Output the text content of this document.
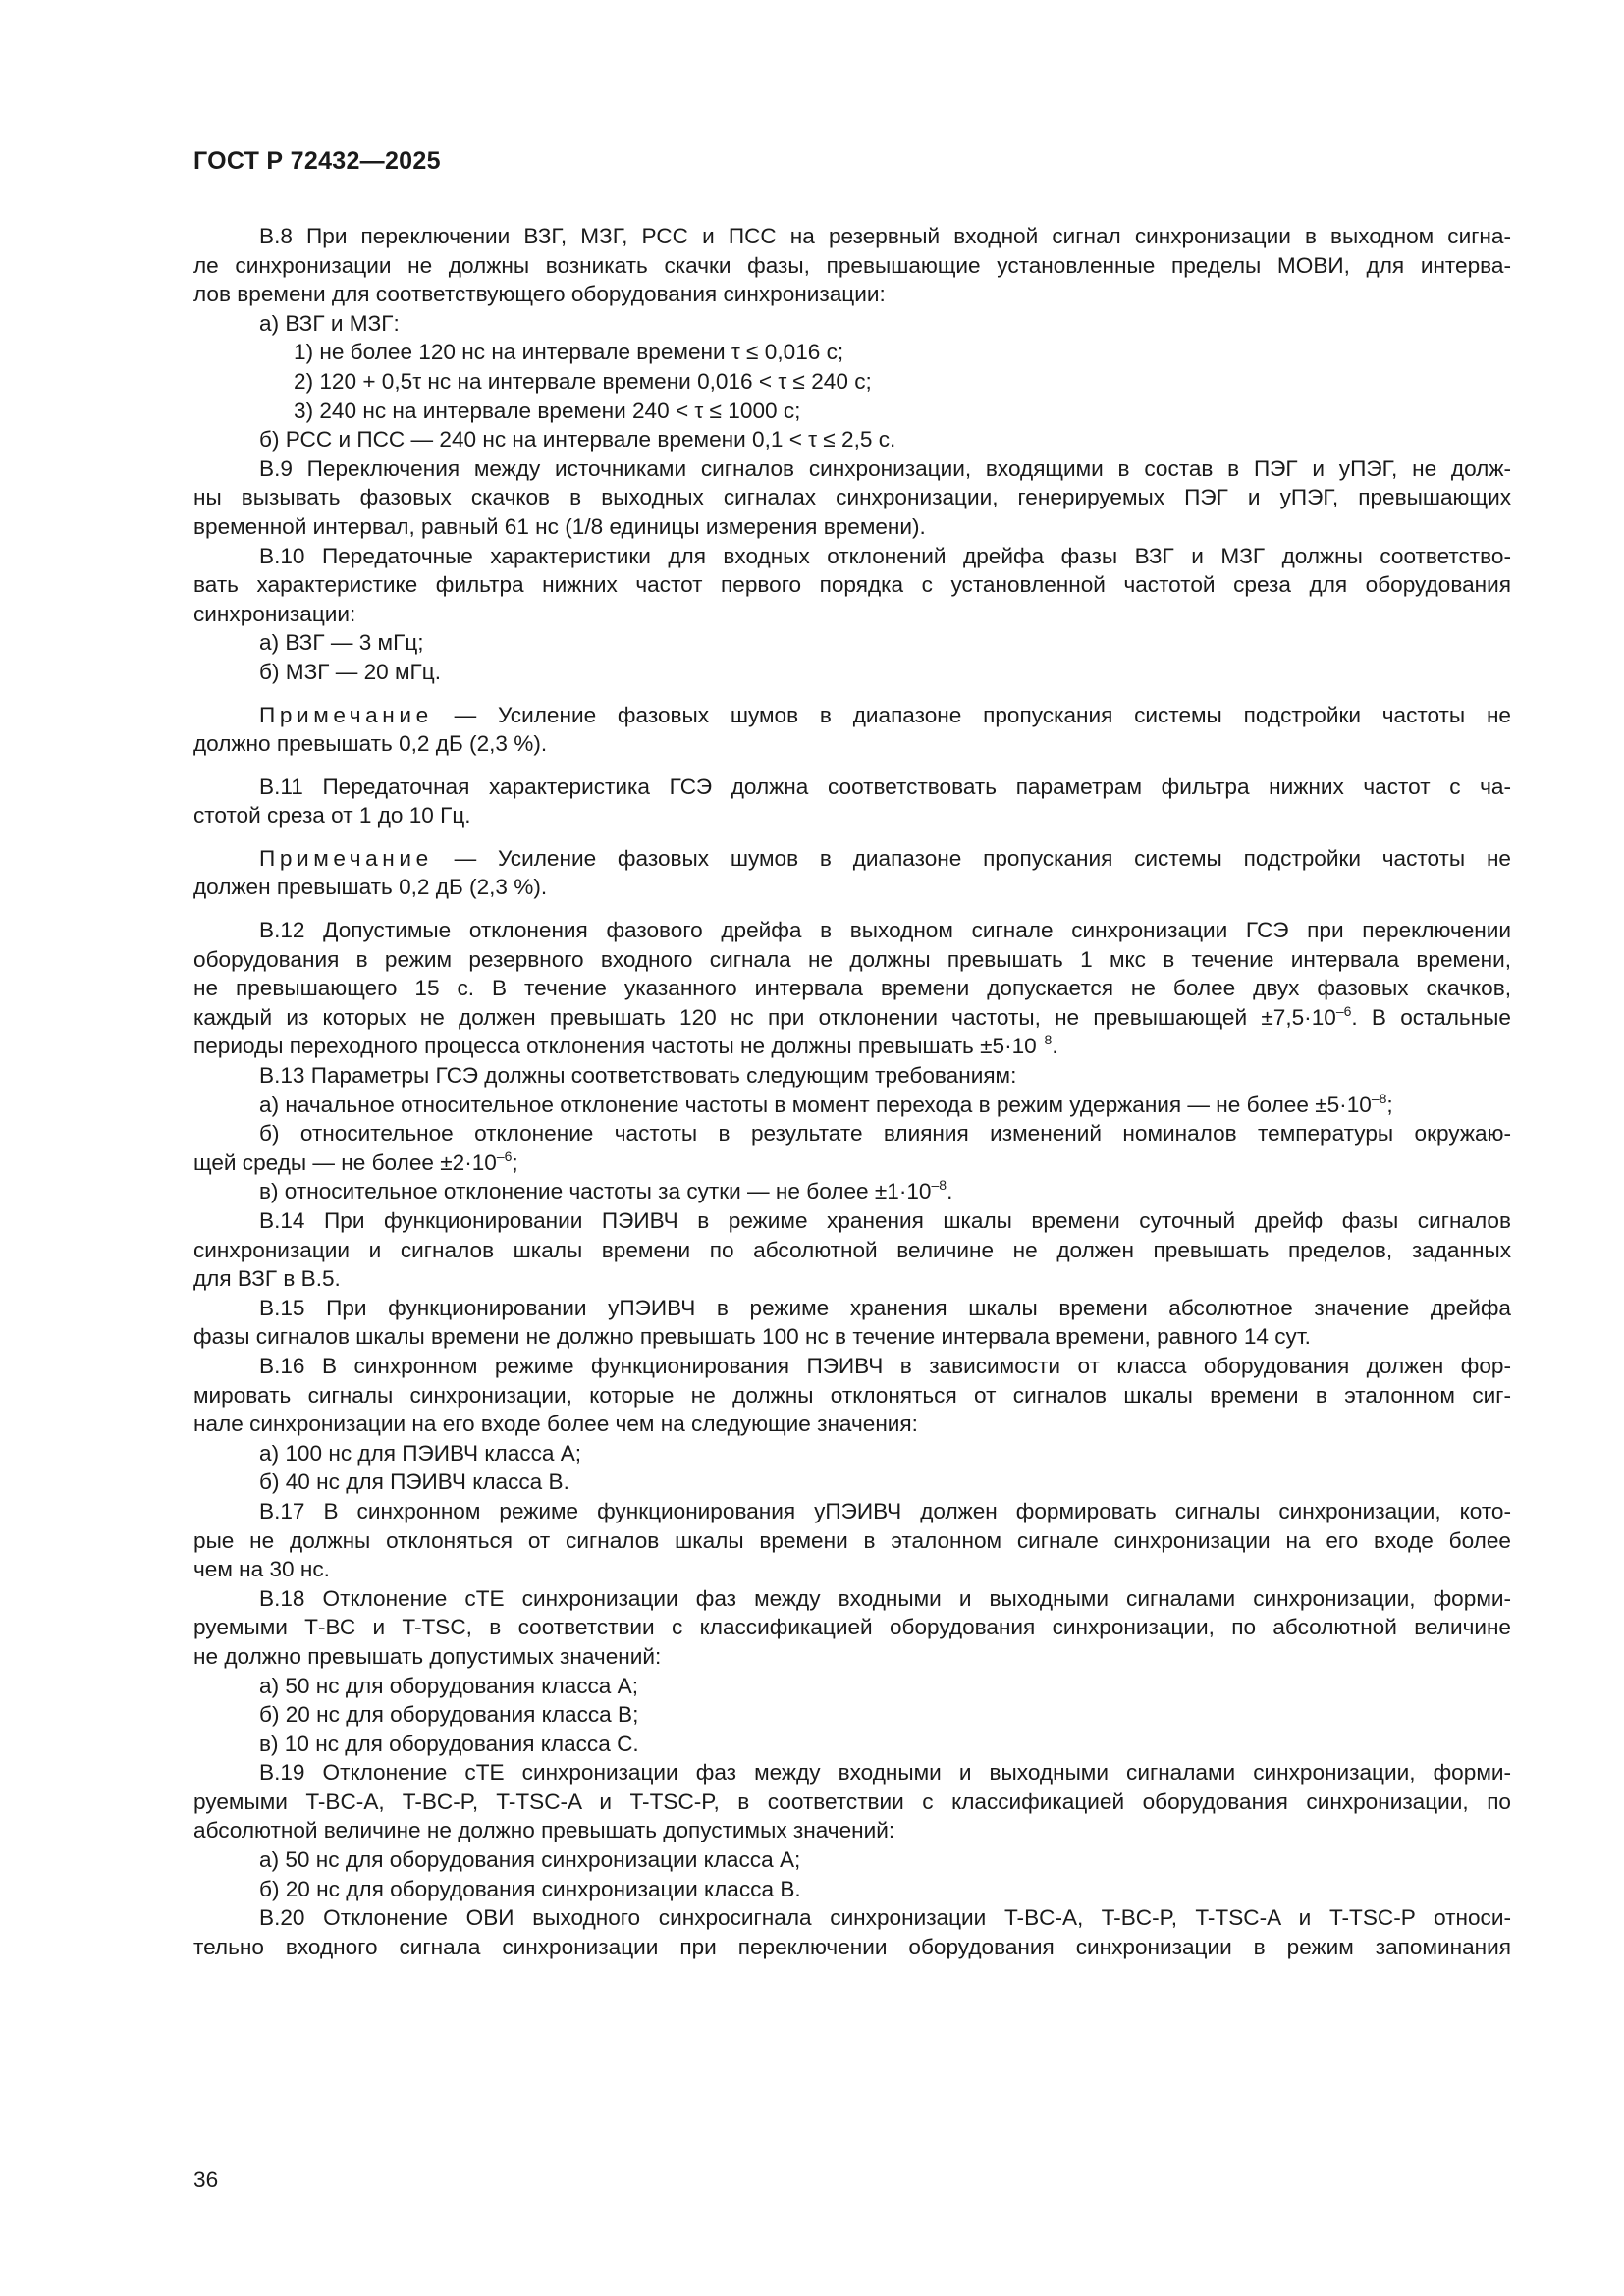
ГОСТ Р 72432—2025

В.8 При переключении ВЗГ, МЗГ, РСС и ПСС на резервный входной сигнал синхронизации в выходном сигна-

ле синхронизации не должны возникать скачки фазы, превышающие установленные пределы МОВИ, для интерва-

лов времени для соответствующего оборудования синхронизации:

а) ВЗГ и МЗГ:

1) не более 120 нс на интервале времени τ ≤ 0,016 с;

2) 120 + 0,5τ нс на интервале времени 0,016 < τ ≤ 240 с;

3) 240 нс на интервале времени 240 < τ ≤ 1000 с;

б) РСС и ПСС — 240 нс на интервале времени 0,1 < τ ≤ 2,5 с.

В.9 Переключения между источниками сигналов синхронизации, входящими в состав в ПЭГ и уПЭГ, не долж-

ны вызывать фазовых скачков в выходных сигналах синхронизации, генерируемых ПЭГ и уПЭГ, превышающих

временной интервал, равный 61 нс (1/8 единицы измерения времени).

В.10 Передаточные характеристики для входных отклонений дрейфа фазы ВЗГ и МЗГ должны соответство-

вать характеристике фильтра нижних частот первого порядка с установленной частотой среза для оборудования

синхронизации:

а) ВЗГ — 3 мГц;

б) МЗГ — 20 мГц.

Примечание — Усиление фазовых шумов в диапазоне пропускания системы подстройки частоты не

должно превышать 0,2 дБ (2,3 %).

В.11 Передаточная характеристика ГСЭ должна соответствовать параметрам фильтра нижних частот с ча-

стотой среза от 1 до 10 Гц.

Примечание — Усиление фазовых шумов в диапазоне пропускания системы подстройки частоты не

должен превышать 0,2 дБ (2,3 %).

В.12 Допустимые отклонения фазового дрейфа в выходном сигнале синхронизации ГСЭ при переключении

оборудования в режим резервного входного сигнала не должны превышать 1 мкс в течение интервала времени,

не превышающего 15 с. В течение указанного интервала времени допускается не более двух фазовых скачков,

каждый из которых не должен превышать 120 нс при отклонении частоты, не превышающей $\pm 7,5\cdot 10^{-6}$. В остальные

периоды переходного процесса отклонения частоты не должны превышать $\pm 5\cdot 10^{-8}$.

В.13 Параметры ГСЭ должны соответствовать следующим требованиям:

а) начальное относительное отклонение частоты в момент перехода в режим удержания — не более $\pm 5\cdot 10^{-8}$;

б) относительное отклонение частоты в результате влияния изменений номиналов температуры окружаю-

щей среды — не более $\pm 2\cdot 10^{-6}$;

в) относительное отклонение частоты за сутки — не более $\pm 1\cdot 10^{-8}$.

В.14 При функционировании ПЭИВЧ в режиме хранения шкалы времени суточный дрейф фазы сигналов

синхронизации и сигналов шкалы времени по абсолютной величине не должен превышать пределов, заданных

для ВЗГ в В.5.

В.15 При функционировании уПЭИВЧ в режиме хранения шкалы времени абсолютное значение дрейфа

фазы сигналов шкалы времени не должно превышать 100 нс в течение интервала времени, равного 14 сут.

В.16 В синхронном режиме функционирования ПЭИВЧ в зависимости от класса оборудования должен фор-

мировать сигналы синхронизации, которые не должны отклоняться от сигналов шкалы времени в эталонном сиг-

нале синхронизации на его входе более чем на следующие значения:

а) 100 нс для ПЭИВЧ класса А;

б) 40 нс для ПЭИВЧ класса В.

В.17 В синхронном режиме функционирования уПЭИВЧ должен формировать сигналы синхронизации, кото-

рые не должны отклоняться от сигналов шкалы времени в эталонном сигнале синхронизации на его входе более

чем на 30 нс.

В.18 Отклонение cTE синхронизации фаз между входными и выходными сигналами синхронизации, форми-

руемыми Т-ВС и T-TSC, в соответствии с классификацией оборудования синхронизации, по абсолютной величине

не должно превышать допустимых значений:

а) 50 нс для оборудования класса А;

б) 20 нс для оборудования класса В;

в) 10 нс для оборудования класса С.

В.19 Отклонение cTE синхронизации фаз между входными и выходными сигналами синхронизации, форми-

руемыми T-BC-A, T-BC-P, T-TSC-A и T-TSC-P, в соответствии с классификацией оборудования синхронизации, по

абсолютной величине не должно превышать допустимых значений:

а) 50 нс для оборудования синхронизации класса А;

б) 20 нс для оборудования синхронизации класса В.

В.20 Отклонение ОВИ выходного синхросигнала синхронизации T-BC-A, T-BC-P, T-TSC-A и T-TSC-P относи-

тельно входного сигнала синхронизации при переключении оборудования синхронизации в режим запоминания

36
